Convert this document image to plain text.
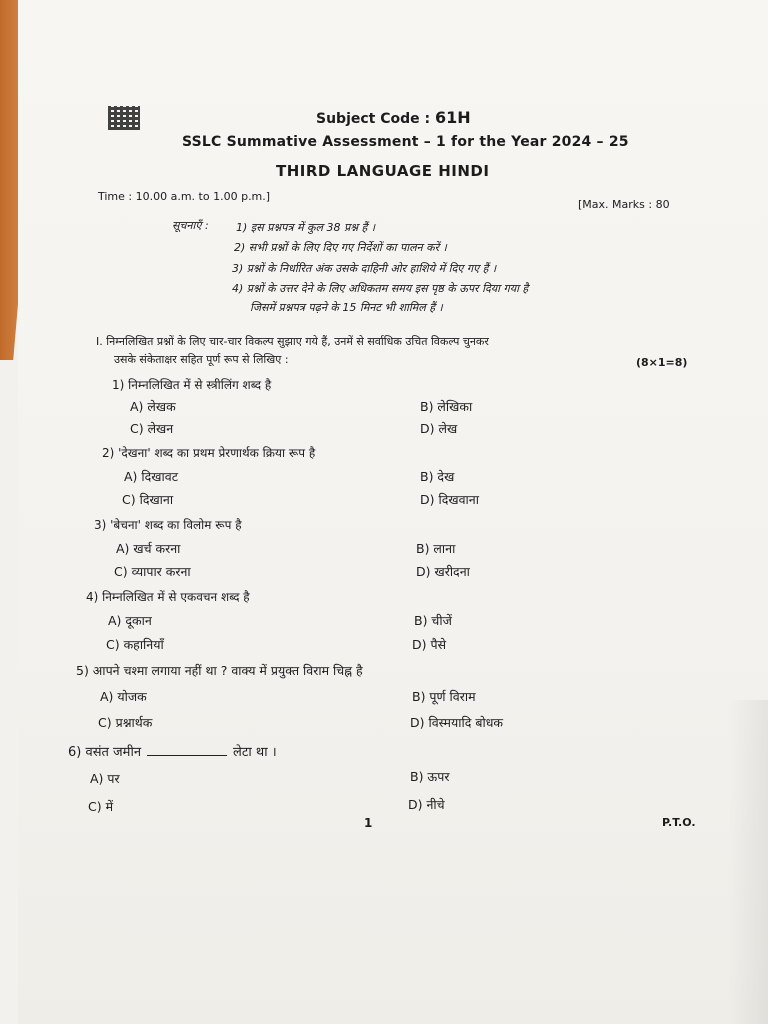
Subject Code : 61H
SSLC Summative Assessment – 1 for the Year 2024 – 25
THIRD LANGUAGE HINDI
Time : 10.00 a.m. to 1.00 p.m.]
[Max. Marks : 80
सूचनाएँ : 1) इस प्रश्नपत्र में कुल 38 प्रश्न हैं ।
2) सभी प्रश्नों के लिए दिए गए निर्देशों का पालन करें ।
3) प्रश्नों के निर्धारित अंक उसके दाहिनी ओर हाशिये में दिए गए हैं ।
4) प्रश्नों के उत्तर देने के लिए अधिकतम समय इस पृष्ठ के ऊपर दिया गया है
जिसमें प्रश्नपत्र पढ़ने के 15 मिनट भी शामिल हैं ।
I. निम्नलिखित प्रश्नों के लिए चार-चार विकल्प सुझाए गये हैं, उनमें से सर्वाधिक उचित विकल्प चुनकर
उसके संकेताक्षर सहित पूर्ण रूप से लिखिए :	(8×1=8)
1) निम्नलिखित में से स्त्रीलिंग शब्द है
A) लेखक	B) लेखिका
C) लेखन	D) लेख
2) 'देखना' शब्द का प्रथम प्रेरणार्थक क्रिया रूप है
A) दिखावट	B) देख
C) दिखाना	D) दिखवाना
3) 'बेचना' शब्द का विलोम रूप है
A) खर्च करना	B) लाना
C) व्यापार करना	D) खरीदना
4) निम्नलिखित में से एकवचन शब्द है
A) दूकान	B) चीजें
C) कहानियाँ	D) पैसे
5) आपने चश्मा लगाया नहीं था ? वाक्य में प्रयुक्त विराम चिह्न है
A) योजक	B) पूर्ण विराम
C) प्रश्नार्थक	D) विस्मयादि बोधक
6) वसंत जमीन	लेटा था ।
A) पर	B) ऊपर
C) में	D) नीचे
1	P.T.O.
